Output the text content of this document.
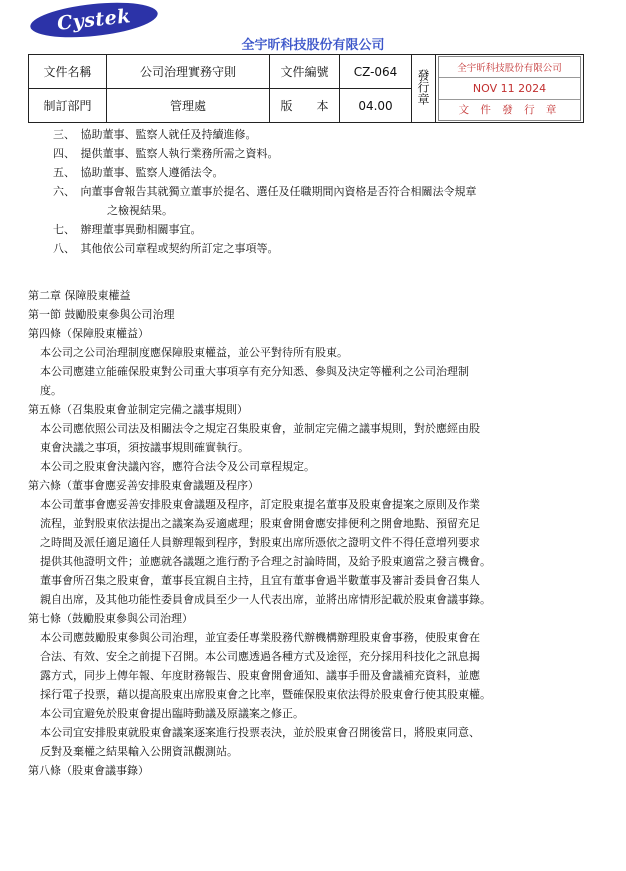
Cystek
全宇昕科技股份有限公司
文件名稱	公司治理實務守則	文件編號	CZ-064	發行章	全宇昕科技股份有限公司
NOV 11 2024
文 件 發 行 章

制訂部門	管理處	版　　本	04.00		
三、　協助董事、監察人就任及持續進修。
四、　提供董事、監察人執行業務所需之資料。
五、　協助董事、監察人遵循法令。
六、　向董事會報告其就獨立董事於提名、選任及任職期間內資格是否符合相關法令規章
　之檢視結果。
七、　辦理董事異動相關事宜。
八、　其他依公司章程或契約所訂定之事項等。
第二章 保障股東權益
第一節 鼓勵股東參與公司治理
第四條（保障股東權益）
本公司之公司治理制度應保障股東權益，並公平對待所有股東。
本公司應建立能確保股東對公司重大事項享有充分知悉、參與及決定等權利之公司治理制
度。
第五條（召集股東會並制定完備之議事規則）
本公司應依照公司法及相關法令之規定召集股東會，並制定完備之議事規則，對於應經由股
東會決議之事項，須按議事規則確實執行。
本公司之股東會決議內容，應符合法令及公司章程規定。
第六條（董事會應妥善安排股東會議題及程序）
本公司董事會應妥善安排股東會議題及程序，訂定股東提名董事及股東會提案之原則及作業
流程，並對股東依法提出之議案為妥適處理；股東會開會應安排便利之開會地點、預留充足
之時間及派任適足適任人員辦理報到程序，對股東出席所憑依之證明文件不得任意增列要求
提供其他證明文件；並應就各議題之進行酌予合理之討論時間，及給予股東適當之發言機會。
董事會所召集之股東會，董事長宜親自主持，且宜有董事會過半數董事及審計委員會召集人
親自出席，及其他功能性委員會成員至少一人代表出席，並將出席情形記載於股東會議事錄。
第七條（鼓勵股東參與公司治理）
本公司應鼓勵股東參與公司治理，並宜委任專業股務代辦機構辦理股東會事務，使股東會在
合法、有效、安全之前提下召開。本公司應透過各種方式及途徑，充分採用科技化之訊息揭
露方式，同步上傳年報、年度財務報告、股東會開會通知、議事手冊及會議補充資料，並應
採行電子投票，藉以提高股東出席股東會之比率，暨確保股東依法得於股東會行使其股東權。
本公司宜避免於股東會提出臨時動議及原議案之修正。
本公司宜安排股東就股東會議案逐案進行投票表決，並於股東會召開後當日，將股東同意、
反對及棄權之結果輸入公開資訊觀測站。
第八條（股東會議事錄）
